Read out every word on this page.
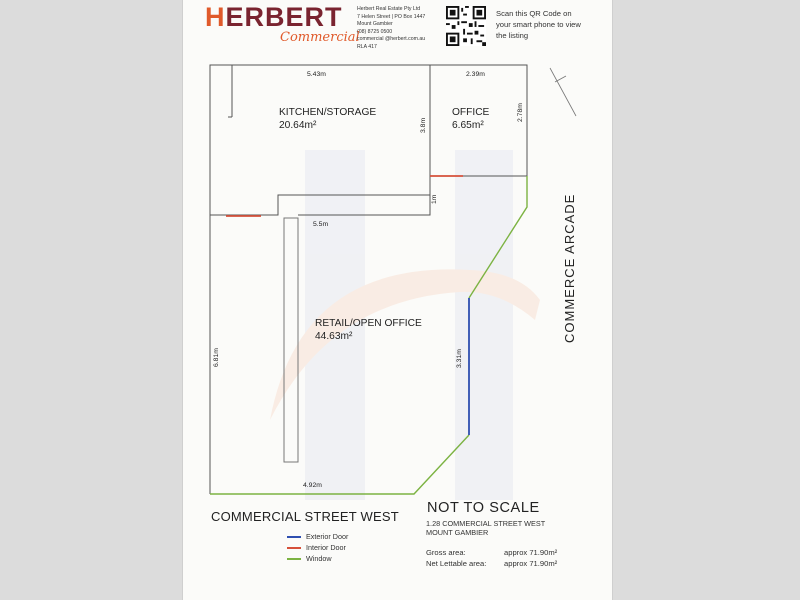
HERBERT
Commercial
Herbert Real Estate Pty Ltd
7 Helen Street | PO Box 1447
Mount Gambier
(08) 8725 0500
commercial @herbert.com.au
RLA 417
Scan this QR Code on your smart phone to view the listing
KITCHEN/STORAGE
20.64m²
OFFICE
6.65m²
RETAIL/OPEN OFFICE
44.63m²
5.43m	2.39m
3.8m
2.78m
1m
5.5m
6.81m	3.31m
4.92m
COMMERCE ARCADE
COMMERCIAL STREET WEST
Exterior Door
Interior Door
Window
NOT TO SCALE
1.28 COMMERCIAL STREET WEST
MOUNT GAMBIER
Gross area:	approx 71.90m²
Net Lettable area: approx 71.90m²
